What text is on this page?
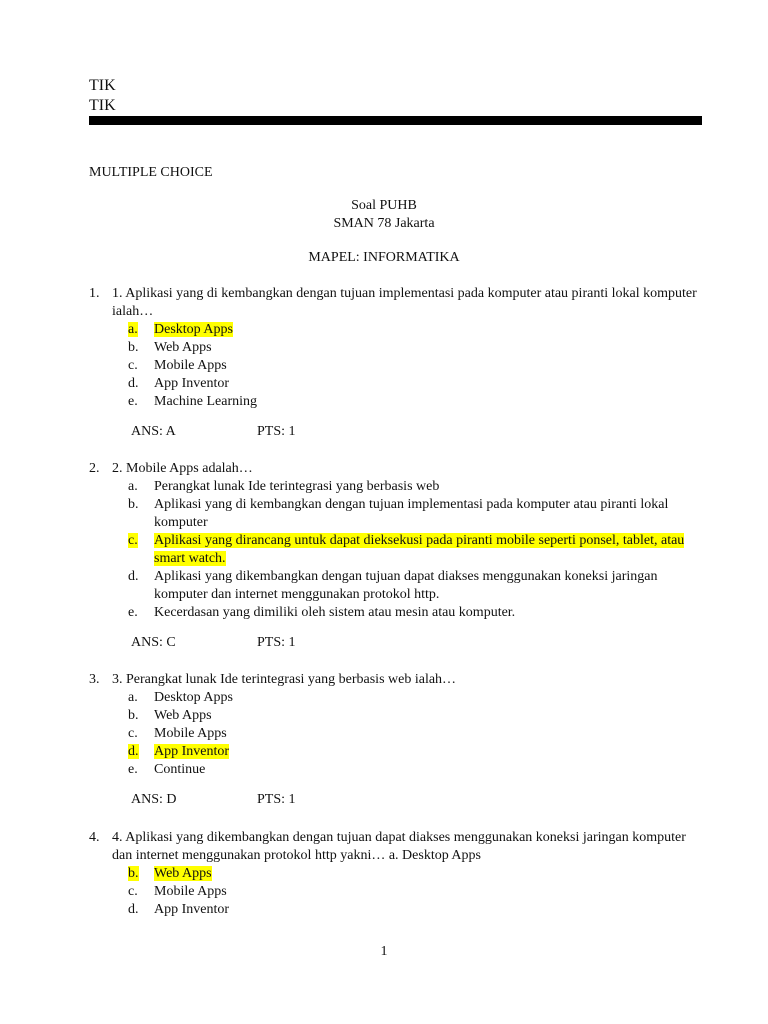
TIK
TIK
MULTIPLE CHOICE
Soal PUHB
SMAN 78 Jakarta
MAPEL: INFORMATIKA
1. 1. Aplikasi yang di kembangkan dengan tujuan implementasi pada komputer atau piranti lokal komputer ialah…
a.	Desktop Apps
b.	Web Apps
c.	Mobile Apps
d.	App Inventor
e.	Machine Learning
ANS: A	PTS: 1
2. 2. Mobile Apps adalah…
a.	Perangkat lunak Ide terintegrasi yang berbasis web
b.	Aplikasi yang di kembangkan dengan tujuan implementasi pada komputer atau piranti lokal komputer
c.	Aplikasi yang dirancang untuk dapat dieksekusi pada piranti mobile seperti ponsel, tablet, atau smart watch.
d.	Aplikasi yang dikembangkan dengan tujuan dapat diakses menggunakan koneksi jaringan komputer dan internet menggunakan protokol http.
e.	Kecerdasan yang dimiliki oleh sistem atau mesin atau komputer.
ANS: C	PTS: 1
3. 3. Perangkat lunak Ide terintegrasi yang berbasis web ialah…
a.	Desktop Apps
b.	Web Apps
c.	Mobile Apps
d.	App Inventor
e.	Continue
ANS: D	PTS: 1
4. 4. Aplikasi yang dikembangkan dengan tujuan dapat diakses menggunakan koneksi jaringan komputer dan internet menggunakan protokol http yakni… a. Desktop Apps
b.	Web Apps
c.	Mobile Apps
d.	App Inventor
1
